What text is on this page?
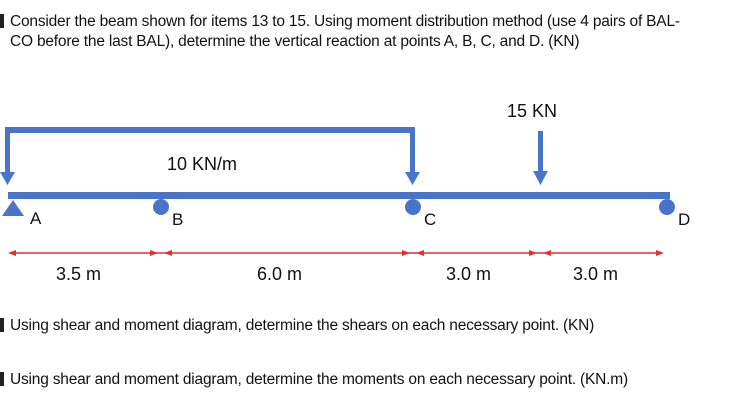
Consider the beam shown for items 13 to 15. Using moment distribution method (use 4 pairs of BAL-
CO before the last BAL), determine the vertical reaction at points A, B, C, and D. (KN)
10 KN/m
15 KN
A	B	C	D
3.5 m	6.0 m	3.0 m	3.0 m
Using shear and moment diagram, determine the shears on each necessary point. (KN)
Using shear and moment diagram, determine the moments on each necessary point. (KN.m)
